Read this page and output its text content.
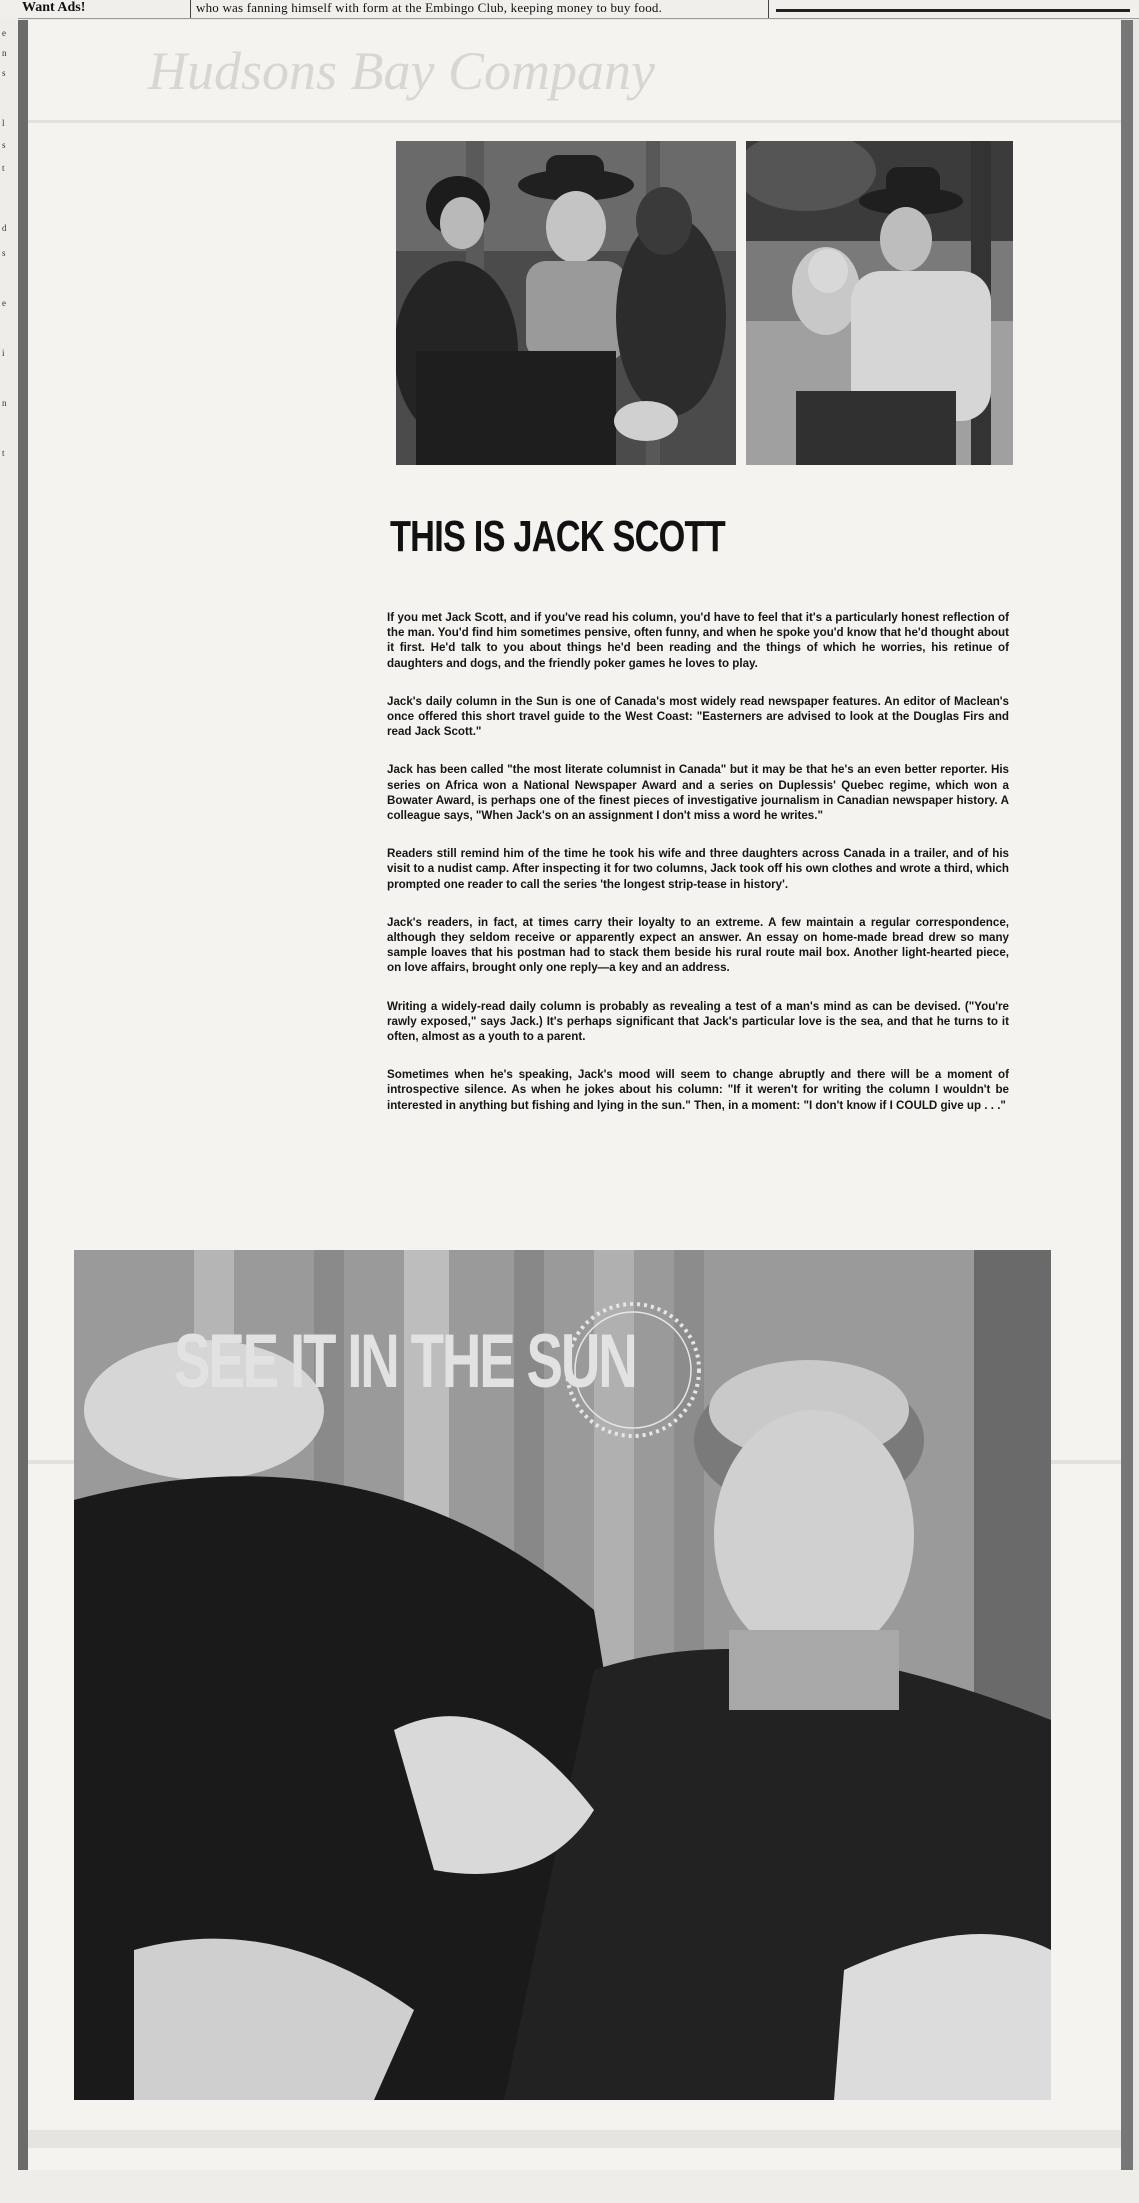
Want Ads!	who was fanning himself with form at the Embingo Club, keeping money to buy food.
e
n
s
l
s
t
d
s
e
i
n
t
Hudsons Bay Company
THIS IS JACK SCOTT

If you met Jack Scott, and if you've read his column, you'd have to feel that it's a particularly honest reflection of the man. You'd find him sometimes pensive, often funny, and when he spoke you'd know that he'd thought about it first. He'd talk to you about things he'd been reading and the things of which he worries, his retinue of daughters and dogs, and the friendly poker games he loves to play.

Jack's daily column in the Sun is one of Canada's most widely read newspaper features. An editor of Maclean's once offered this short travel guide to the West Coast: "Easterners are advised to look at the Douglas Firs and read Jack Scott."

Jack has been called "the most literate columnist in Canada" but it may be that he's an even better reporter. His series on Africa won a National Newspaper Award and a series on Duplessis' Quebec regime, which won a Bowater Award, is perhaps one of the finest pieces of investigative journalism in Canadian newspaper history. A colleague says, "When Jack's on an assignment I don't miss a word he writes."

Readers still remind him of the time he took his wife and three daughters across Canada in a trailer, and of his visit to a nudist camp. After inspecting it for two columns, Jack took off his own clothes and wrote a third, which prompted one reader to call the series 'the longest strip-tease in history'.

Jack's readers, in fact, at times carry their loyalty to an extreme. A few maintain a regular correspondence, although they seldom receive or apparently expect an answer. An essay on home-made bread drew so many sample loaves that his postman had to stack them beside his rural route mail box. Another light-hearted piece, on love affairs, brought only one reply—a key and an address.

Writing a widely-read daily column is probably as revealing a test of a man's mind as can be devised. ("You're rawly exposed," says Jack.) It's perhaps significant that Jack's particular love is the sea, and that he turns to it often, almost as a youth to a parent.

Sometimes when he's speaking, Jack's mood will seem to change abruptly and there will be a moment of introspective silence. As when he jokes about his column: "If it weren't for writing the column I wouldn't be interested in anything but fishing and lying in the sun." Then, in a moment: "I don't know if I COULD give up . . ."

SEE IT IN THE SUN
